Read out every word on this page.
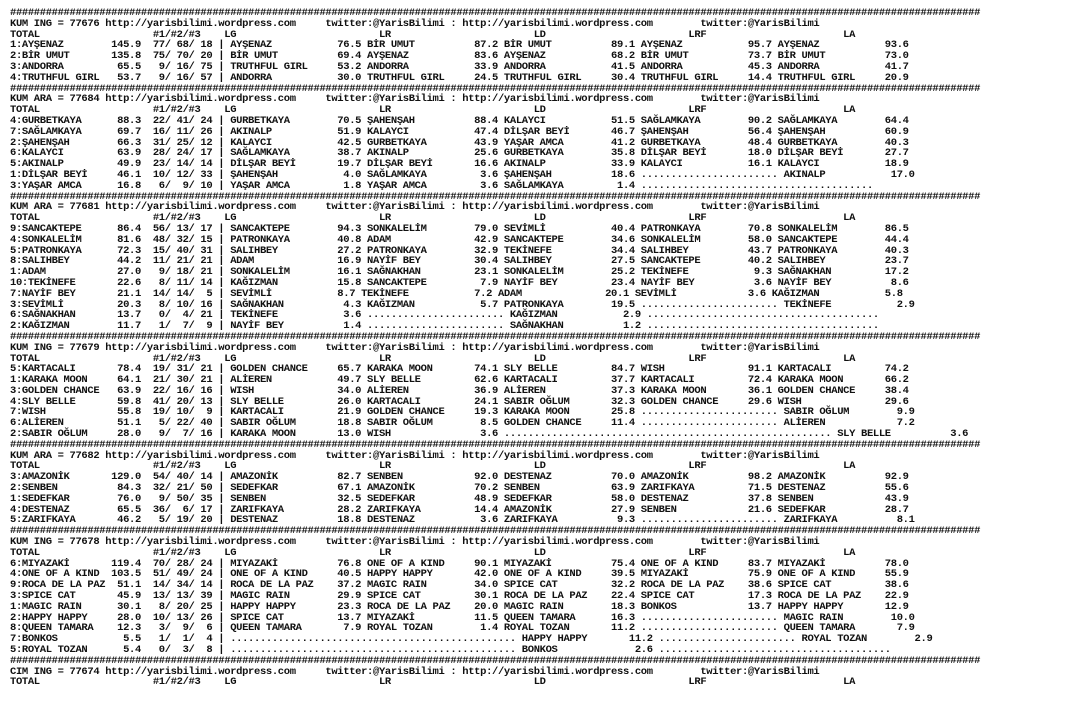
###################################################################################################################################################################
KUM ING = 77676 http://yarisbilimi.wordpress.com     twitter:@YarisBilimi : http://yarisbilimi.wordpress.com        twitter:@YarisBilimi
TOTAL                   #1/#2/#3    LG                        LR                        LD                        LRF                       LA
1:AYŞENAZ        145.9  77/ 68/ 18 | AYŞENAZ           76.5 BİR UMUT          87.2 BİR UMUT          89.1 AYŞENAZ           95.7 AYŞENAZ           93.6
2:BİR UMUT       135.8  75/ 70/ 20 | BİR UMUT          69.4 AYŞENAZ           83.6 AYŞENAZ           68.2 BİR UMUT          73.7 BİR UMUT          73.0
3:ANDORRA         65.5   9/ 16/ 75 | TRUTHFUL GIRL     53.2 ANDORRA           33.9 ANDORRA           41.5 ANDORRA           45.3 ANDORRA           41.7
4:TRUTHFUL GIRL   53.7   9/ 16/ 57 | ANDORRA           30.0 TRUTHFUL GIRL     24.5 TRUTHFUL GIRL     30.4 TRUTHFUL GIRL     14.4 TRUTHFUL GIRL     20.9
###################################################################################################################################################################
KUM ARA = 77684 http://yarisbilimi.wordpress.com     twitter:@YarisBilimi : http://yarisbilimi.wordpress.com        twitter:@YarisBilimi
TOTAL                   #1/#2/#3    LG                        LR                        LD                        LRF                       LA
4:GURBETKAYA      88.3  22/ 41/ 24 | GURBETKAYA        70.5 ŞAHENŞAH          88.4 KALAYCI           51.5 SAĞLAMKAYA        90.2 SAĞLAMKAYA        64.4
7:SAĞLAMKAYA      69.7  16/ 11/ 26 | AKINALP           51.9 KALAYCI           47.4 DİLŞAR BEYİ       46.7 ŞAHENŞAH          56.4 ŞAHENŞAH          60.9
2:ŞAHENŞAH        66.3  31/ 25/ 12 | KALAYCI           42.5 GURBETKAYA        43.9 YAŞAR AMCA        41.2 GURBETKAYA        48.4 GURBETKAYA        40.3
6:KALAYCI         63.9  28/ 24/ 17 | SAĞLAMKAYA        38.7 AKINALP           25.6 GURBETKAYA        35.8 DİLŞAR BEYİ       18.0 DİLŞAR BEYİ       27.7
5:AKINALP         49.9  23/ 14/ 14 | DİLŞAR BEYİ       19.7 DİLŞAR BEYİ       16.6 AKINALP           33.9 KALAYCI           16.1 KALAYCI           18.9
1:DİLŞAR BEYİ     46.1  10/ 12/ 33 | ŞAHENŞAH           4.0 SAĞLAMKAYA         3.6 ŞAHENŞAH          18.6 ....................... AKINALP           17.0
3:YAŞAR AMCA      16.8   6/  9/ 10 | YAŞAR AMCA         1.8 YAŞAR AMCA         3.6 SAĞLAMKAYA         1.4 .......................................
###################################################################################################################################################################
KUM ARA = 77681 http://yarisbilimi.wordpress.com     twitter:@YarisBilimi : http://yarisbilimi.wordpress.com        twitter:@YarisBilimi
TOTAL                   #1/#2/#3    LG                        LR                        LD                        LRF                       LA
9:SANCAKTEPE      86.4  56/ 13/ 17 | SANCAKTEPE        94.3 SONKALELİM        79.0 SEVİMLİ           40.4 PATRONKAYA        70.8 SONKALELİM        86.5
4:SONKALELİM      81.6  48/ 32/ 15 | PATRONKAYA        40.8 ADAM              42.9 SANCAKTEPE        34.6 SONKALELİM        58.0 SANCAKTEPE        44.4
5:PATRONKAYA      72.3  15/ 40/ 31 | SALIHBEY          27.2 PATRONKAYA        32.9 TEKİNEFE          34.4 SALIHBEY          43.7 PATRONKAYA        40.3
8:SALIHBEY        44.2  11/ 21/ 21 | ADAM              16.9 NAYİF BEY         30.4 SALIHBEY          27.5 SANCAKTEPE        40.2 SALIHBEY          23.7
1:ADAM            27.0   9/ 18/ 21 | SONKALELİM        16.1 SAĞNAKHAN         23.1 SONKALELİM        25.2 TEKİNEFE           9.3 SAĞNAKHAN         17.2
10:TEKİNEFE       22.6   8/ 11/ 14 | KAĞIZMAN          15.8 SANCAKTEPE         7.9 NAYİF BEY         23.4 NAYİF BEY          3.6 NAYİF BEY          8.6
7:NAYİF BEY       21.1  14/ 14/  5 | SEVİMLİ           8.7 TEKİNEFE           7.2 ADAM              20.1 SEVİMLİ            3.6 KAĞIZMAN           5.8
3:SEVİMLİ         20.3   8/ 10/ 16 | SAĞNAKHAN          4.3 KAĞIZMAN           5.7 PATRONKAYA        19.5 ....................... TEKİNEFE           2.9
6:SAĞNAKHAN       13.7   0/  4/ 21 | TEKİNEFE           3.6 ....................... KAĞIZMAN           2.9 .......................................
2:KAĞIZMAN        11.7   1/  7/  9 | NAYİF BEY          1.4 ....................... SAĞNAKHAN          1.2 .......................................
###################################################################################################################################################################
KUM ING = 77679 http://yarisbilimi.wordpress.com     twitter:@YarisBilimi : http://yarisbilimi.wordpress.com        twitter:@YarisBilimi
TOTAL                   #1/#2/#3    LG                        LR                        LD                        LRF                       LA
5:KARTACALI       78.4  19/ 31/ 21 | GOLDEN CHANCE     65.7 KARAKA MOON       74.1 SLY BELLE         84.7 WISH              91.1 KARTACALI         74.2
1:KARAKA MOON     64.1  21/ 30/ 21 | ALİEREN           49.7 SLY BELLE         62.6 KARTACALI         37.7 KARTACALI         72.4 KARAKA MOON       66.2
3:GOLDEN CHANCE   63.9  22/ 16/ 16 | WISH              34.0 ALİEREN           36.9 ALİEREN           37.3 KARAKA MOON       36.1 GOLDEN CHANCE     38.4
4:SLY BELLE       59.8  41/ 20/ 13 | SLY BELLE         26.0 KARTACALI         24.1 SABIR OĞLUM       32.3 GOLDEN CHANCE     29.6 WISH              29.6
7:WISH            55.8  19/ 10/  9 | KARTACALI         21.9 GOLDEN CHANCE     19.3 KARAKA MOON       25.8 ....................... SABIR OĞLUM        9.9
6:ALİEREN         51.1   5/ 22/ 40 | SABIR OĞLUM       18.8 SABIR OĞLUM        8.5 GOLDEN CHANCE     11.4 ....................... ALİEREN            7.2
2:SABIR OĞLUM     28.0   9/  7/ 16 | KARAKA MOON       13.0 WISH               3.6 ....................................................... SLY BELLE          3.6
###################################################################################################################################################################
KUM ARA = 77682 http://yarisbilimi.wordpress.com     twitter:@YarisBilimi : http://yarisbilimi.wordpress.com        twitter:@YarisBilimi
TOTAL                   #1/#2/#3    LG                        LR                        LD                        LRF                       LA
3:AMAZONİK       129.0  54/ 40/ 14 | AMAZONİK          82.7 SENBEN            92.0 DESTENAZ          70.0 AMAZONİK          98.2 AMAZONİK          92.9
2:SENBEN          84.3  32/ 21/ 50 | SEDEFKAR          67.1 AMAZONİK          70.2 SENBEN            63.9 ZARIFKAYA         71.5 DESTENAZ          55.6
1:SEDEFKAR        76.0   9/ 50/ 35 | SENBEN            32.5 SEDEFKAR          48.9 SEDEFKAR          58.0 DESTENAZ          37.8 SENBEN            43.9
4:DESTENAZ        65.5  36/  6/ 17 | ZARIFKAYA         28.2 ZARIFKAYA         14.4 AMAZONİK          27.9 SENBEN            21.6 SEDEFKAR          28.7
5:ZARIFKAYA       46.2   5/ 19/ 20 | DESTENAZ          18.8 DESTENAZ           3.6 ZARIFKAYA          9.3 ....................... ZARIFKAYA          8.1
###################################################################################################################################################################
KUM ING = 77678 http://yarisbilimi.wordpress.com     twitter:@YarisBilimi : http://yarisbilimi.wordpress.com        twitter:@YarisBilimi
TOTAL                   #1/#2/#3    LG                        LR                        LD                        LRF                       LA
6:MIYAZAKİ       119.4  70/ 28/ 24 | MIYAZAKİ          76.8 ONE OF A KIND     90.1 MIYAZAKİ          75.4 ONE OF A KIND     83.7 MIYAZAKİ          78.0
4:ONE OF A KIND  103.5  51/ 49/ 24 | ONE OF A KIND     40.5 HAPPY HAPPY       42.0 ONE OF A KIND     39.5 MIYAZAKİ          75.9 ONE OF A KIND     55.9
9:ROCA DE LA PAZ  51.1  14/ 34/ 14 | ROCA DE LA PAZ    37.2 MAGIC RAIN        34.0 SPICE CAT         32.2 ROCA DE LA PAZ    38.6 SPICE CAT         38.6
3:SPICE CAT       45.9  13/ 13/ 39 | MAGIC RAIN        29.9 SPICE CAT         30.1 ROCA DE LA PAZ    22.4 SPICE CAT         17.3 ROCA DE LA PAZ    22.9
1:MAGIC RAIN      30.1   8/ 20/ 25 | HAPPY HAPPY       23.3 ROCA DE LA PAZ    20.0 MAGIC RAIN        18.3 BONKOS            13.7 HAPPY HAPPY       12.9
2:HAPPY HAPPY     28.0  10/ 13/ 26 | SPICE CAT         13.7 MIYAZAKİ          11.5 QUEEN TAMARA      16.3 ....................... MAGIC RAIN        10.0
8:QUEEN TAMARA    12.3   3/  9/  6 | QUEEN TAMARA       7.9 ROYAL TOZAN        1.4 ROYAL TOZAN       11.2 ....................... QUEEN TAMARA       7.9
7:BONKOS           5.5   1/  1/  4 | ................................................ HAPPY HAPPY       11.2 ....................... ROYAL TOZAN        2.9
5:ROYAL TOZAN      5.4   0/  3/  8 | ................................................ BONKOS             2.6 .......................................
###################################################################################################################################################################
CIM ING = 77674 http://yarisbilimi.wordpress.com     twitter:@YarisBilimi : http://yarisbilimi.wordpress.com        twitter:@YarisBilimi
TOTAL                   #1/#2/#3    LG                        LR                        LD                        LRF                       LA
